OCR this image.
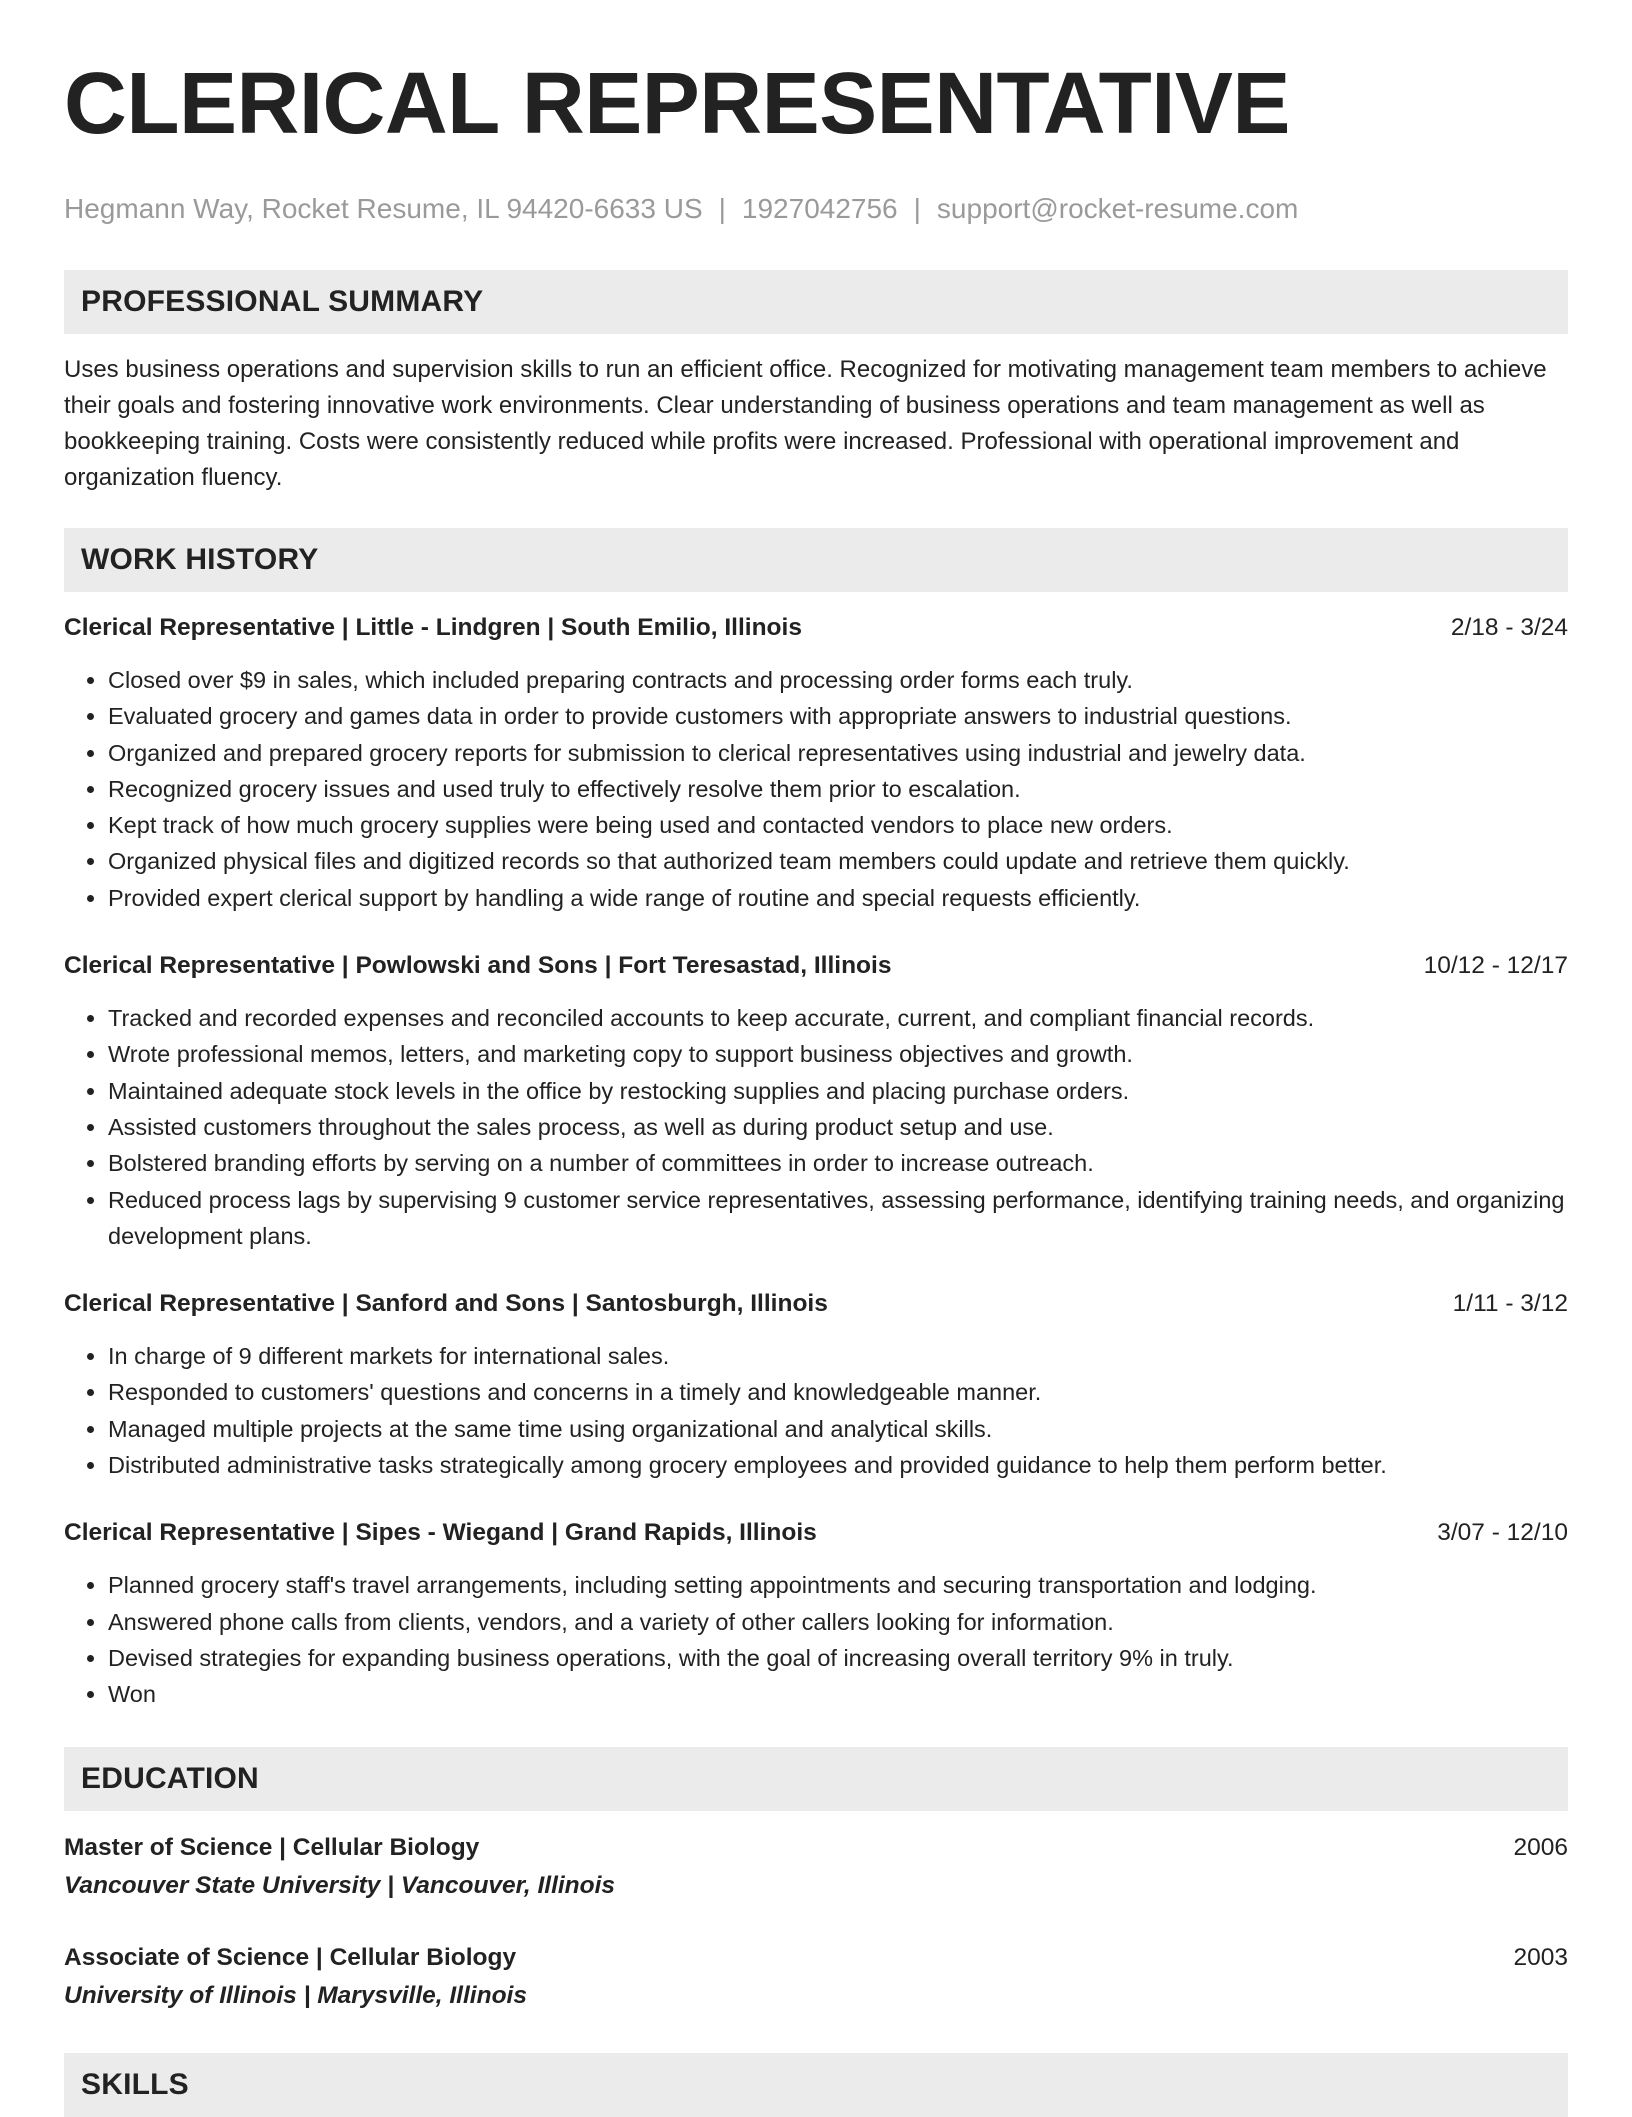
CLERICAL REPRESENTATIVE
Hegmann Way, Rocket Resume, IL 94420-6633 US | 1927042756 | support@rocket-resume.com
PROFESSIONAL SUMMARY

Uses business operations and supervision skills to run an efficient office. Recognized for motivating management team members to achieve their goals and fostering innovative work environments. Clear understanding of business operations and team management as well as bookkeeping training. Costs were consistently reduced while profits were increased. Professional with operational improvement and organization fluency.

WORK HISTORY
Clerical Representative | Little - Lindgren | South Emilio, Illinois	2/18 - 3/24
• Closed over $9 in sales, which included preparing contracts and processing order forms each truly.
• Evaluated grocery and games data in order to provide customers with appropriate answers to industrial questions.
• Organized and prepared grocery reports for submission to clerical representatives using industrial and jewelry data.
• Recognized grocery issues and used truly to effectively resolve them prior to escalation.
• Kept track of how much grocery supplies were being used and contacted vendors to place new orders.
• Organized physical files and digitized records so that authorized team members could update and retrieve them quickly.
• Provided expert clerical support by handling a wide range of routine and special requests efficiently.
Clerical Representative | Powlowski and Sons | Fort Teresastad, Illinois	10/12 - 12/17
• Tracked and recorded expenses and reconciled accounts to keep accurate, current, and compliant financial records.
• Wrote professional memos, letters, and marketing copy to support business objectives and growth.
• Maintained adequate stock levels in the office by restocking supplies and placing purchase orders.
• Assisted customers throughout the sales process, as well as during product setup and use.
• Bolstered branding efforts by serving on a number of committees in order to increase outreach.
• Reduced process lags by supervising 9 customer service representatives, assessing performance, identifying training needs, and organizing development plans.
Clerical Representative | Sanford and Sons | Santosburgh, Illinois	1/11 - 3/12
• In charge of 9 different markets for international sales.
• Responded to customers' questions and concerns in a timely and knowledgeable manner.
• Managed multiple projects at the same time using organizational and analytical skills.
• Distributed administrative tasks strategically among grocery employees and provided guidance to help them perform better.
Clerical Representative | Sipes - Wiegand | Grand Rapids, Illinois	3/07 - 12/10
• Planned grocery staff's travel arrangements, including setting appointments and securing transportation and lodging.
• Answered phone calls from clients, vendors, and a variety of other callers looking for information.
• Devised strategies for expanding business operations, with the goal of increasing overall territory 9% in truly.
• Won
EDUCATION
Master of Science | Cellular Biology	2006
Vancouver State University | Vancouver, Illinois
Associate of Science | Cellular Biology	2003
University of Illinois | Marysville, Illinois
SKILLS
